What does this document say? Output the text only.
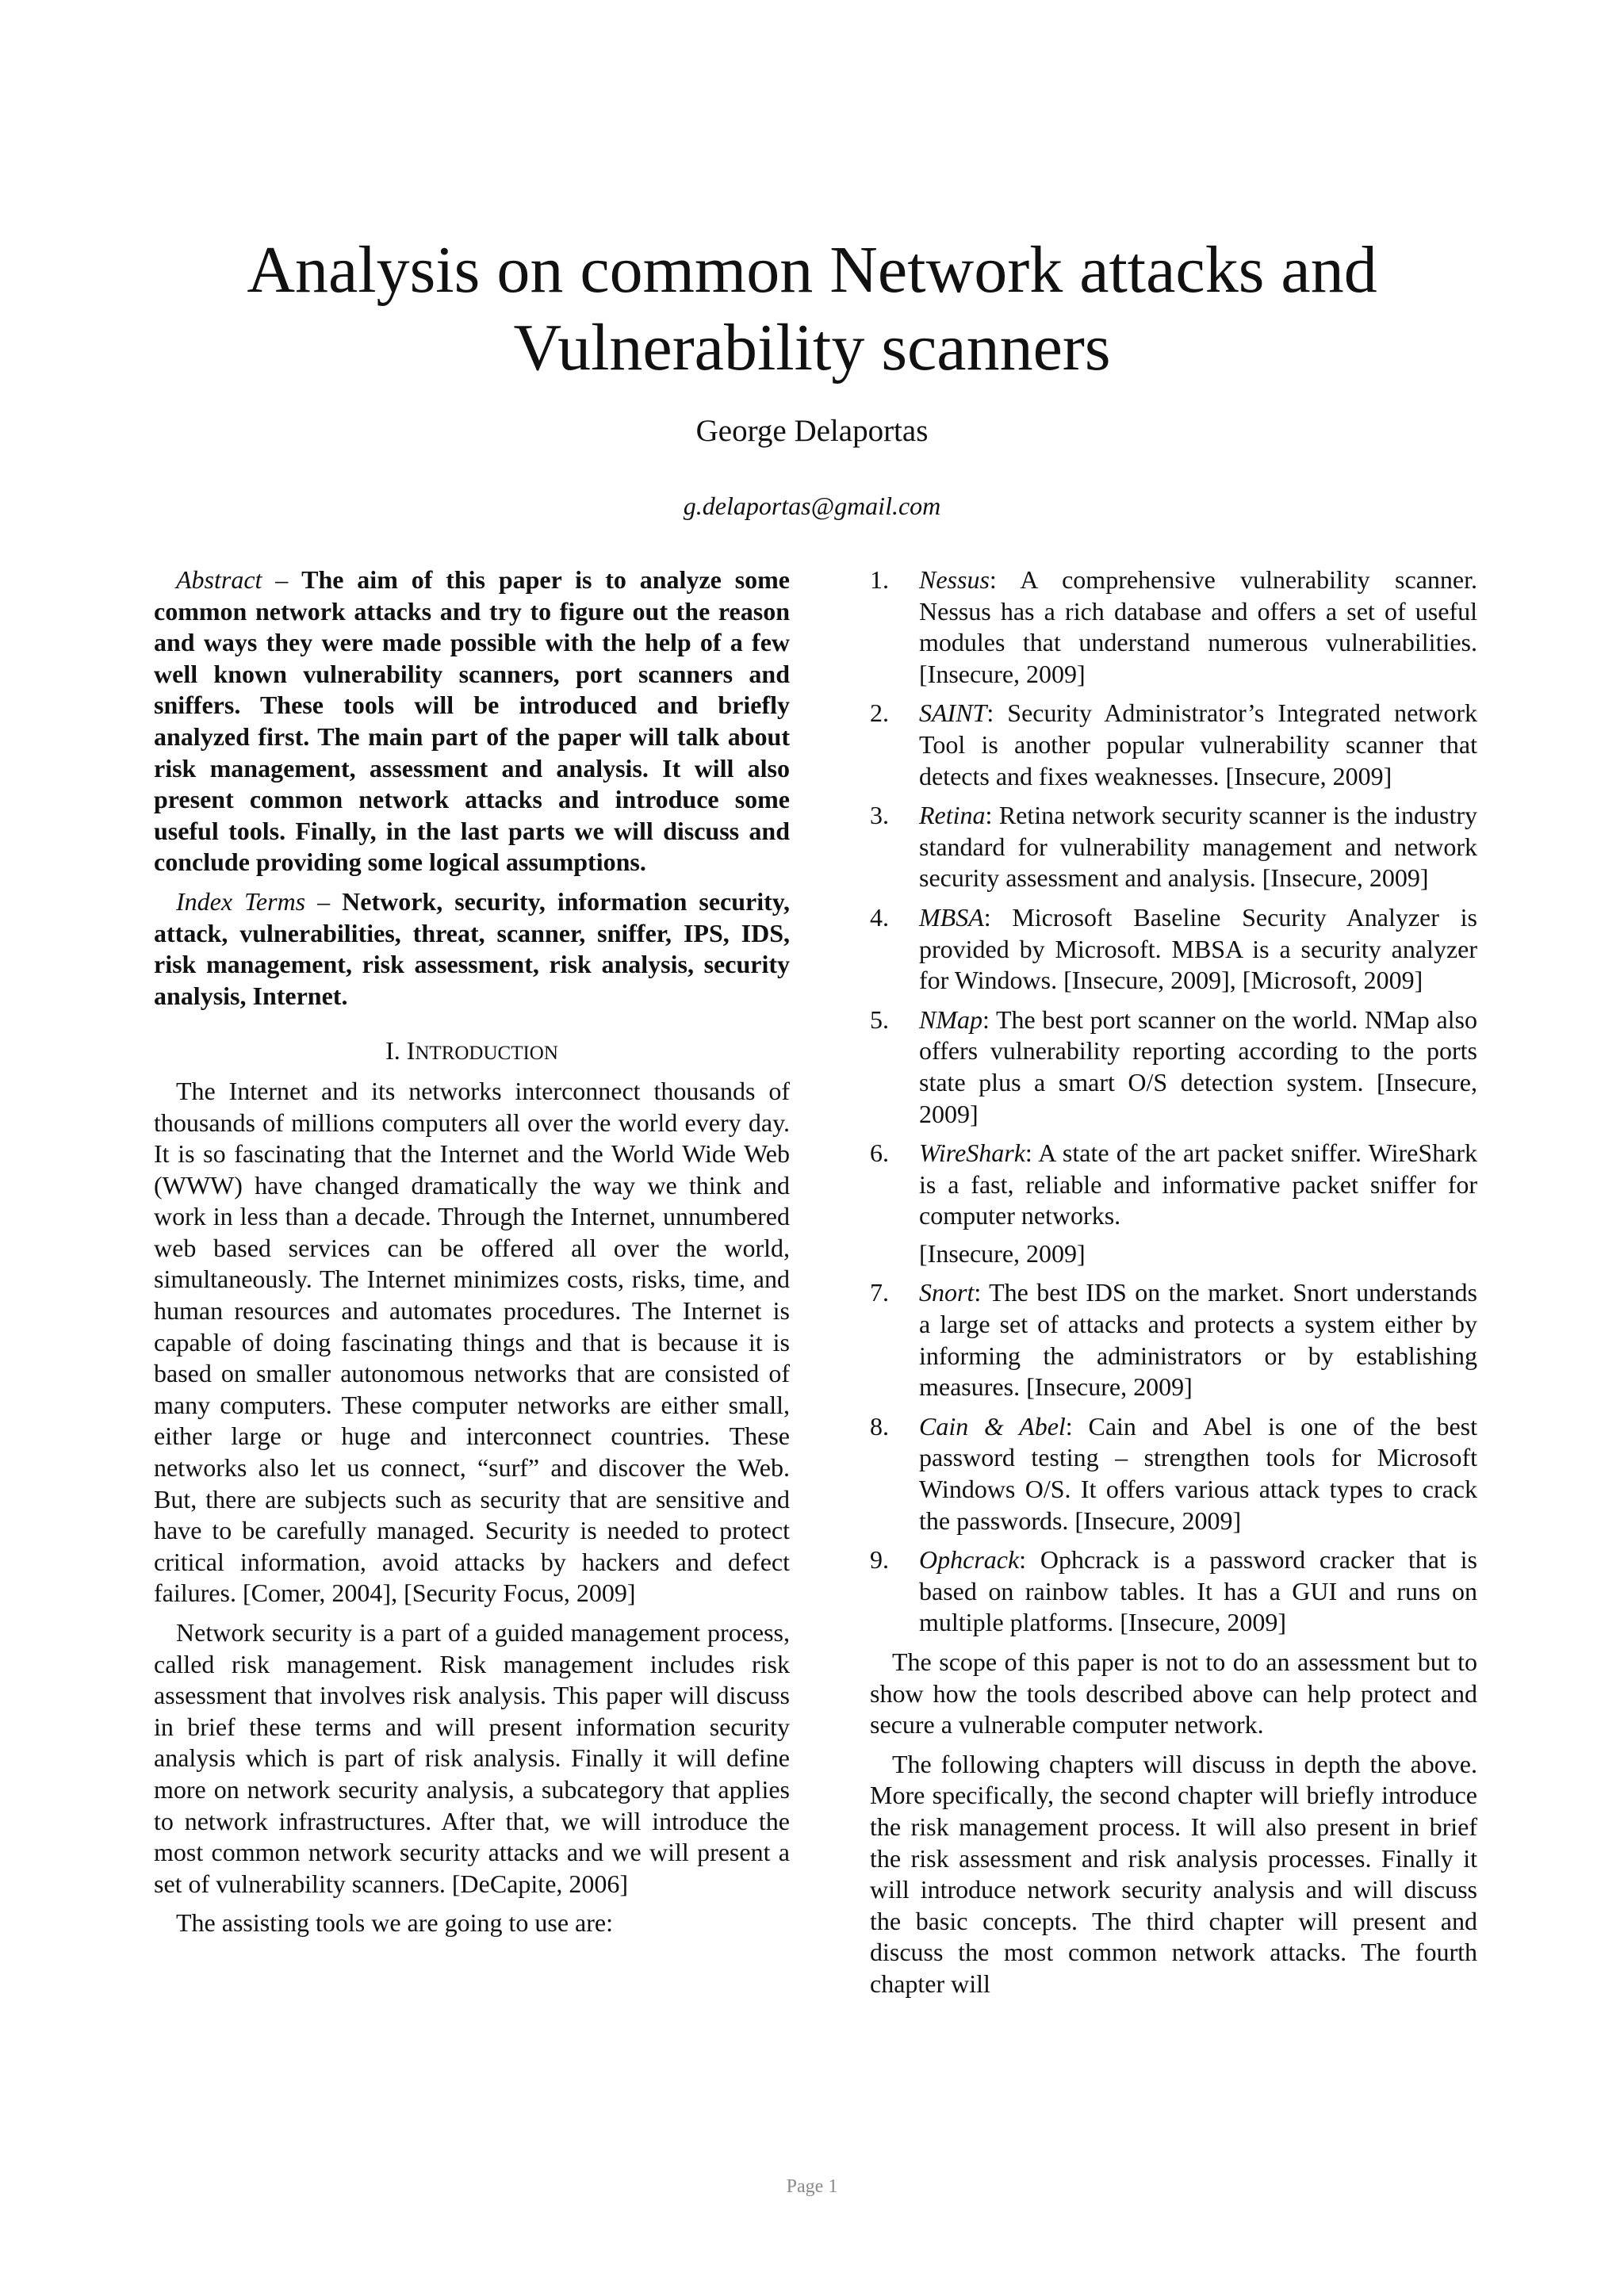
Analysis on common Network attacks and
Vulnerability scanners

George Delaportas

g.delaportas@gmail.com

Abstract – The aim of this paper is to analyze some common network attacks and try to figure out the reason and ways they were made possible with the help of a few well known vulnerability scanners, port scanners and sniffers. These tools will be introduced and briefly analyzed first. The main part of the paper will talk about risk management, assessment and analysis. It will also present common network attacks and introduce some useful tools. Finally, in the last parts we will discuss and conclude providing some logical assumptions.

Index Terms – Network, security, information security, attack, vulnerabilities, threat, scanner, sniffer, IPS, IDS, risk management, risk assessment, risk analysis, security analysis, Internet.

I. INTRODUCTION

The Internet and its networks interconnect thousands of thousands of millions computers all over the world every day. It is so fascinating that the Internet and the World Wide Web (WWW) have changed dramatically the way we think and work in less than a decade. Through the Internet, unnumbered web based services can be offered all over the world, simultaneously. The Internet minimizes costs, risks, time, and human resources and automates procedures. The Internet is capable of doing fascinating things and that is because it is based on smaller autonomous networks that are consisted of many computers. These computer networks are either small, either large or huge and interconnect countries. These networks also let us connect, “surf” and discover the Web. But, there are subjects such as security that are sensitive and have to be carefully managed. Security is needed to protect critical information, avoid attacks by hackers and defect failures. [Comer, 2004], [Security Focus, 2009]

Network security is a part of a guided management process, called risk management. Risk management includes risk assessment that involves risk analysis. This paper will discuss in brief these terms and will present information security analysis which is part of risk analysis. Finally it will define more on network security analysis, a subcategory that applies to network infrastructures. After that, we will introduce the most common network security attacks and we will present a set of vulnerability scanners. [DeCapite, 2006]

The assisting tools we are going to use are:

1. Nessus: A comprehensive vulnerability scanner. Nessus has a rich database and offers a set of useful modules that understand numerous vulnerabilities. [Insecure, 2009]
2. SAINT: Security Administrator’s Integrated network Tool is another popular vulnerability scanner that detects and fixes weaknesses. [Insecure, 2009]
3. Retina: Retina network security scanner is the industry standard for vulnerability management and network security assessment and analysis. [Insecure, 2009]
4. MBSA: Microsoft Baseline Security Analyzer is provided by Microsoft. MBSA is a security analyzer for Windows. [Insecure, 2009], [Microsoft, 2009]
5. NMap: The best port scanner on the world. NMap also offers vulnerability reporting according to the ports state plus a smart O/S detection system. [Insecure, 2009]
6. WireShark: A state of the art packet sniffer. WireShark is a fast, reliable and informative packet sniffer for computer networks.
[Insecure, 2009]
7. Snort: The best IDS on the market. Snort understands a large set of attacks and protects a system either by informing the administrators or by establishing measures. [Insecure, 2009]
8. Cain & Abel: Cain and Abel is one of the best password testing – strengthen tools for Microsoft Windows O/S. It offers various attack types to crack the passwords. [Insecure, 2009]
9. Ophcrack: Ophcrack is a password cracker that is based on rainbow tables. It has a GUI and runs on multiple platforms. [Insecure, 2009]

The scope of this paper is not to do an assessment but to show how the tools described above can help protect and secure a vulnerable computer network.

The following chapters will discuss in depth the above. More specifically, the second chapter will briefly introduce the risk management process. It will also present in brief the risk assessment and risk analysis processes. Finally it will introduce network security analysis and will discuss the basic concepts. The third chapter will present and discuss the most common network attacks. The fourth chapter will

Page 1
